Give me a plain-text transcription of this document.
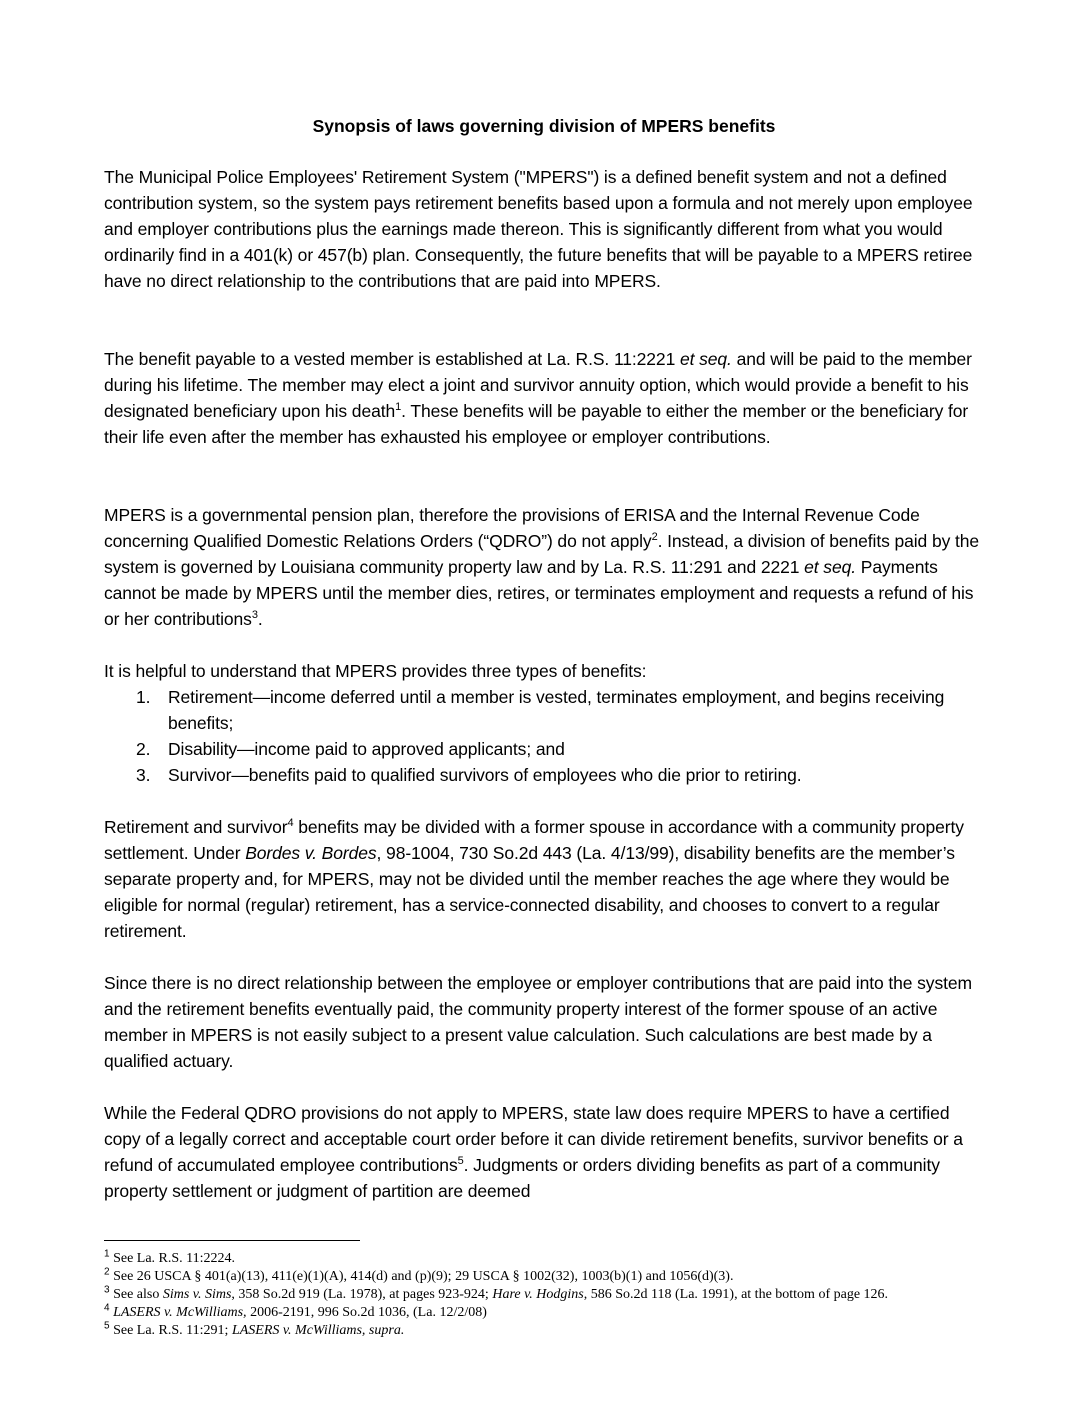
Synopsis of laws governing division of MPERS benefits

The Municipal Police Employees' Retirement System ("MPERS") is a defined benefit system and not a defined contribution system, so the system pays retirement benefits based upon a formula and not merely upon employee and employer contributions plus the earnings made thereon. This is significantly different from what you would ordinarily find in a 401(k) or 457(b) plan. Consequently, the future benefits that will be payable to a MPERS retiree have no direct relationship to the contributions that are paid into MPERS.

The benefit payable to a vested member is established at La. R.S. 11:2221 et seq. and will be paid to the member during his lifetime. The member may elect a joint and survivor annuity option, which would provide a benefit to his designated beneficiary upon his death$^1$. These benefits will be payable to either the member or the beneficiary for their life even after the member has exhausted his employee or employer contributions.

MPERS is a governmental pension plan, therefore the provisions of ERISA and the Internal Revenue Code concerning Qualified Domestic Relations Orders (“QDRO”) do not apply$^2$. Instead, a division of benefits paid by the system is governed by Louisiana community property law and by La. R.S. 11:291 and 2221 et seq. Payments cannot be made by MPERS until the member dies, retires, or terminates employment and requests a refund of his or her contributions$^3$.

It is helpful to understand that MPERS provides three types of benefits:

1. Retirement—income deferred until a member is vested, terminates employment, and begins receiving benefits;
2. Disability—income paid to approved applicants; and
3. Survivor—benefits paid to qualified survivors of employees who die prior to retiring.

Retirement and survivor$^4$ benefits may be divided with a former spouse in accordance with a community property settlement. Under Bordes v. Bordes, 98-1004, 730 So.2d 443 (La. 4/13/99), disability benefits are the member’s separate property and, for MPERS, may not be divided until the member reaches the age where they would be eligible for normal (regular) retirement, has a service-connected disability, and chooses to convert to a regular retirement.

Since there is no direct relationship between the employee or employer contributions that are paid into the system and the retirement benefits eventually paid, the community property interest of the former spouse of an active member in MPERS is not easily subject to a present value calculation. Such calculations are best made by a qualified actuary.

While the Federal QDRO provisions do not apply to MPERS, state law does require MPERS to have a certified copy of a legally correct and acceptable court order before it can divide retirement benefits, survivor benefits or a refund of accumulated employee contributions$^5$. Judgments or orders dividing benefits as part of a community property settlement or judgment of partition are deemed

$^1$ See La. R.S. 11:2224.

$^2$ See 26 USCA § 401(a)(13), 411(e)(1)(A), 414(d) and (p)(9); 29 USCA § 1002(32), 1003(b)(1) and 1056(d)(3).

$^3$ See also Sims v. Sims, 358 So.2d 919 (La. 1978), at pages 923-924; Hare v. Hodgins, 586 So.2d 118 (La. 1991), at the bottom of page 126.

$^4$ LASERS v. McWilliams, 2006-2191, 996 So.2d 1036, (La. 12/2/08)

$^5$ See La. R.S. 11:291; LASERS v. McWilliams, supra.
